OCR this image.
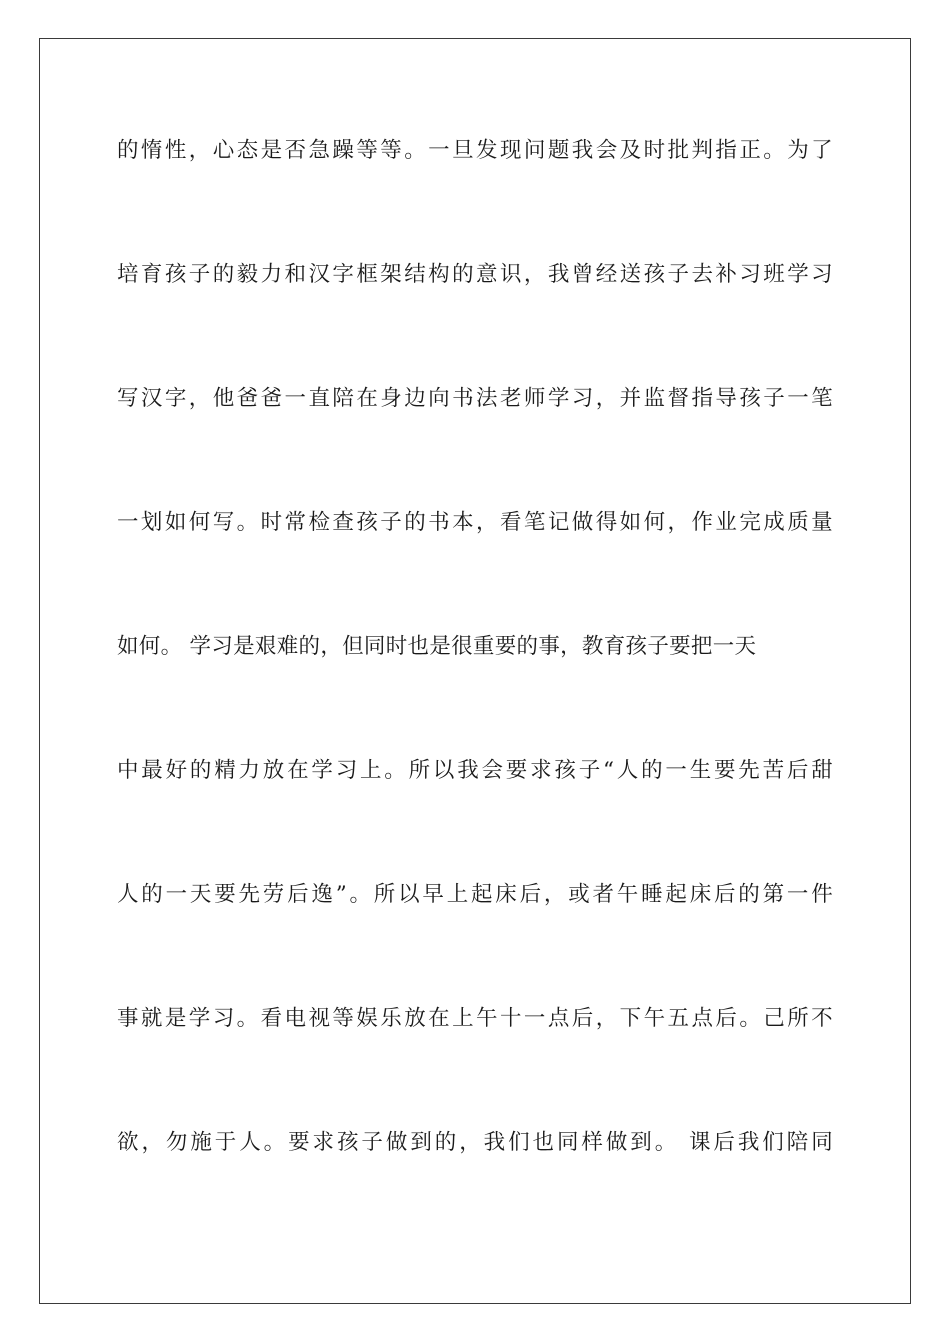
的惰性，心态是否急躁等等。一旦发现问题我会及时批判指正。为了
培育孩子的毅力和汉字框架结构的意识，我曾经送孩子去补习班学习
写汉字，他爸爸一直陪在身边向书法老师学习，并监督指导孩子一笔
一划如何写。时常检查孩子的书本，看笔记做得如何，作业完成质量
如何。 学习是艰难的，但同时也是很重要的事，教育孩子要把一天
中最好的精力放在学习上。所以我会要求孩子“人的一生要先苦后甜
人的一天要先劳后逸”。所以早上起床后，或者午睡起床后的第一件
事就是学习。看电视等娱乐放在上午十一点后，下午五点后。己所不
欲，勿施于人。要求孩子做到的，我们也同样做到。 课后我们陪同
